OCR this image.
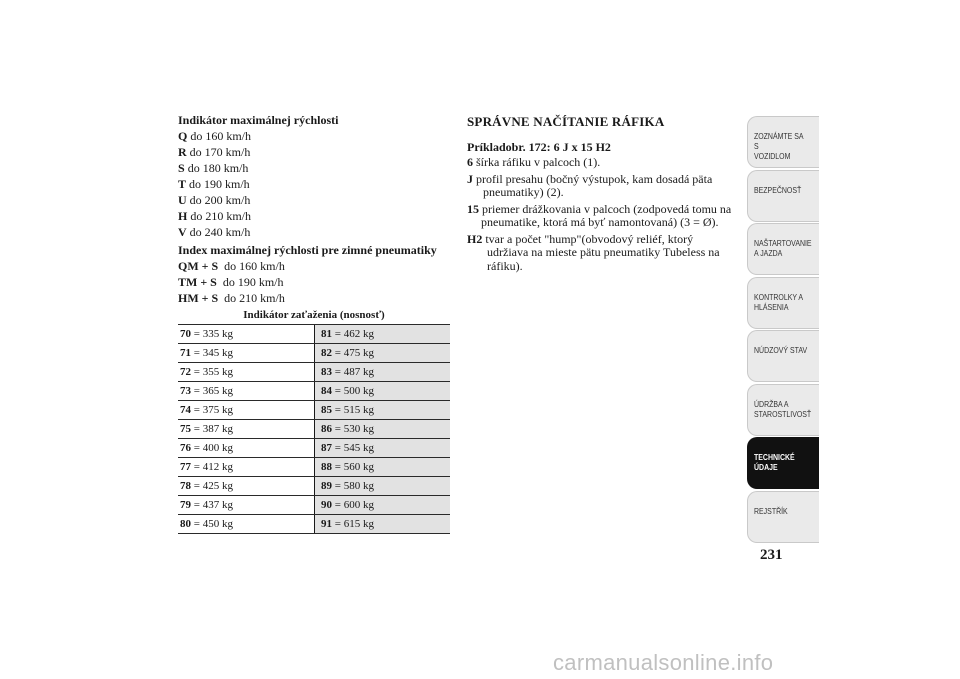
Indikátor maximálnej rýchlosti
Q do 160 km/h
R do 170 km/h
S do 180 km/h
T do 190 km/h
U do 200 km/h
H do 210 km/h
V do 240 km/h
Index maximálnej rýchlosti pre zimné pneumatiky
QM + S do 160 km/h
TM + S do 190 km/h
HM + S do 210 km/h
Indikátor zaťaženia (nosnosť)
70 = 335 kg	81 = 462 kg
71 = 345 kg	82 = 475 kg
72 = 355 kg	83 = 487 kg
73 = 365 kg	84 = 500 kg
74 = 375 kg	85 = 515 kg
75 = 387 kg	86 = 530 kg
76 = 400 kg	87 = 545 kg
77 = 412 kg	88 = 560 kg
78 = 425 kg	89 = 580 kg
79 = 437 kg	90 = 600 kg
80 = 450 kg	91 = 615 kg
SPRÁVNE NAČÍTANIE RÁFIKA
Príkladobr. 172: 6 J x 15 H2
6 šírka ráfiku v palcoch (1).
J profil presahu (bočný výstupok, kam dosadá päta pneumatiky) (2).
15 priemer drážkovania v palcoch (zodpovedá tomu na pneumatike, ktorá má byť namontovaná) (3 = Ø).
H2 tvar a počet "hump"(obvodový reliéf, ktorý udržiava na mieste pätu pneumatiky Tubeless na ráfiku).
ZOZNÁMTE SA S
VOZIDLOM
BEZPEČNOSŤ
NAŠTARTOVANIE
A JAZDA
KONTROLKY A
HLÁSENIA
NÚDZOVÝ STAV
ÚDRŽBA A
STAROSTLIVOSŤ
TECHNICKÉ
ÚDAJE
REJSTŘÍK
231
carmanualsonline.info
